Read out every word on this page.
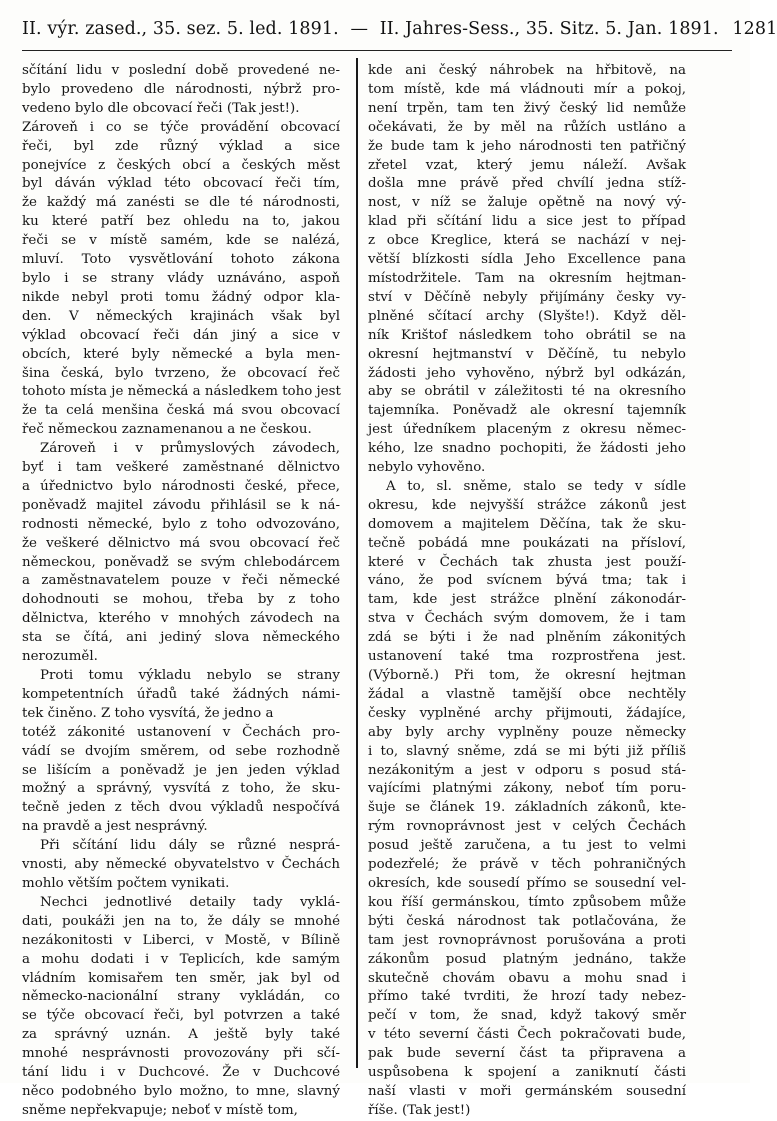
II. výr. zased., 35. sez. 5. led. 1891. — II. Jahres-Sess., 35. Sitz. 5. Jan. 1891. 1281
sčítání lidu v poslední době provedené ne-
bylo provedeno dle národnosti, nýbrž pro-
vedeno bylo dle obcovací řeči (Tak jest!).
Zároveň i co se týče provádění obcovací
řeči, byl zde různý výklad a sice
ponejvíce z českých obcí a českých měst
byl dáván výklad této obcovací řeči tím,
že každý má zanésti se dle té národnosti,
ku které patří bez ohledu na to, jakou
řeči se v místě samém, kde se nalézá,
mluví. Toto vysvětlování tohoto zákona
bylo i se strany vlády uznáváno, aspoň
nikde nebyl proti tomu žádný odpor kla-
den. V německých krajinách však byl
výklad obcovací řeči dán jiný a sice v
obcích, které byly německé a byla men-
šina česká, bylo tvrzeno, že obcovací řeč
tohoto místa je německá a následkem toho jest
že ta celá menšina česká má svou obcovací
řeč německou zaznamenanou a ne českou.
Zároveň i v průmyslových závodech,
byť i tam veškeré zaměstnané dělnictvo
a úřednictvo bylo národnosti české, přece,
poněvadž majitel závodu přihlásil se k ná-
rodnosti německé, bylo z toho odvozováno,
že veškeré dělnictvo má svou obcovací řeč
německou, poněvadž se svým chlebodárcem
a zaměstnavatelem pouze v řeči německé
dohodnouti se mohou, třeba by z toho
dělnictva, kterého v mnohých závodech na
sta se čítá, ani jediný slova německého
nerozuměl.
Proti tomu výkladu nebylo se strany
kompetentních úřadů také žádných námi-
tek činěno. Z toho vysvítá, že jedno a
totéž zákonité ustanovení v Čechách pro-
vádí se dvojím směrem, od sebe rozhodně
se lišícím a poněvadž je jen jeden výklad
možný a správný, vysvítá z toho, že sku-
tečně jeden z těch dvou výkladů nespočívá
na pravdě a jest nesprávný.
Při sčítání lidu dály se různé nesprá-
vnosti, aby německé obyvatelstvo v Čechách
mohlo větším počtem vynikati.
Nechci jednotlivé detaily tady vyklá-
dati, poukáži jen na to, že dály se mnohé
nezákonitosti v Liberci, v Mostě, v Bílině
a mohu dodati i v Teplicích, kde samým
vládním komisařem ten směr, jak byl od
německo-nacionální strany vykládán, co
se týče obcovací řeči, byl potvrzen a také
za správný uznán. A ještě byly také
mnohé nesprávnosti provozovány při sčí-
tání lidu i v Duchcové. Že v Duchcové
něco podobného bylo možno, to mne, slavný
sněme nepřekvapuje; neboť v místě tom,
kde ani český náhrobek na hřbitově, na
tom místě, kde má vládnouti mír a pokoj,
není trpěn, tam ten živý český lid nemůže
očekávati, že by měl na růžích ustláno a
že bude tam k jeho národnosti ten patřičný
zřetel vzat, který jemu náleží. Avšak
došla mne právě před chvílí jedna stíž-
nost, v níž se žaluje opětně na nový vý-
klad při sčítání lidu a sice jest to případ
z obce Kreglice, která se nachází v nej-
větší blízkosti sídla Jeho Excellence pana
místodržitele. Tam na okresním hejtman-
ství v Děčíně nebyly přijímány česky vy-
plněné sčítací archy (Slyšte!). Když děl-
ník Krištof následkem toho obrátil se na
okresní hejtmanství v Děčíně, tu nebylo
žádosti jeho vyhověno, nýbrž byl odkázán,
aby se obrátil v záležitosti té na okresního
tajemníka. Poněvadž ale okresní tajemník
jest úředníkem placeným z okresu němec-
kého, lze snadno pochopiti, že žádosti jeho
nebylo vyhověno.
A to, sl. sněme, stalo se tedy v sídle
okresu, kde nejvyšší strážce zákonů jest
domovem a majitelem Děčína, tak že sku-
tečně pobádá mne poukázati na přísloví,
které v Čechách tak zhusta jest použí-
váno, že pod svícnem bývá tma; tak i
tam, kde jest strážce plnění zákonodár-
stva v Čechách svým domovem, že i tam
zdá se býti i že nad plněním zákonitých
ustanovení také tma rozprostřena jest.
(Výborně.) Při tom, že okresní hejtman
žádal a vlastně tamější obce nechtěly
česky vyplněné archy přijmouti, žádajíce,
aby byly archy vyplněny pouze německy
i to, slavný sněme, zdá se mi býti již příliš
nezákonitým a jest v odporu s posud stá-
vajícími platnými zákony, neboť tím poru-
šuje se článek 19. základních zákonů, kte-
rým rovnoprávnost jest v celých Čechách
posud ještě zaručena, a tu jest to velmi
podezřelé; že právě v těch pohraničných
okresích, kde sousedí přímo se sousední vel-
kou říší germánskou, tímto způsobem může
býti česká národnost tak potlačována, že
tam jest rovnoprávnost porušována a proti
zákonům posud platným jednáno, takže
skutečně chovám obavu a mohu snad i
přímo také tvrditi, že hrozí tady nebez-
pečí v tom, že snad, když takový směr
v této severní části Čech pokračovati bude,
pak bude severní část ta připravena a
uspůsobena k spojení a zaniknutí části
naší vlasti v moři germánském sousední
říše. (Tak jest!)
